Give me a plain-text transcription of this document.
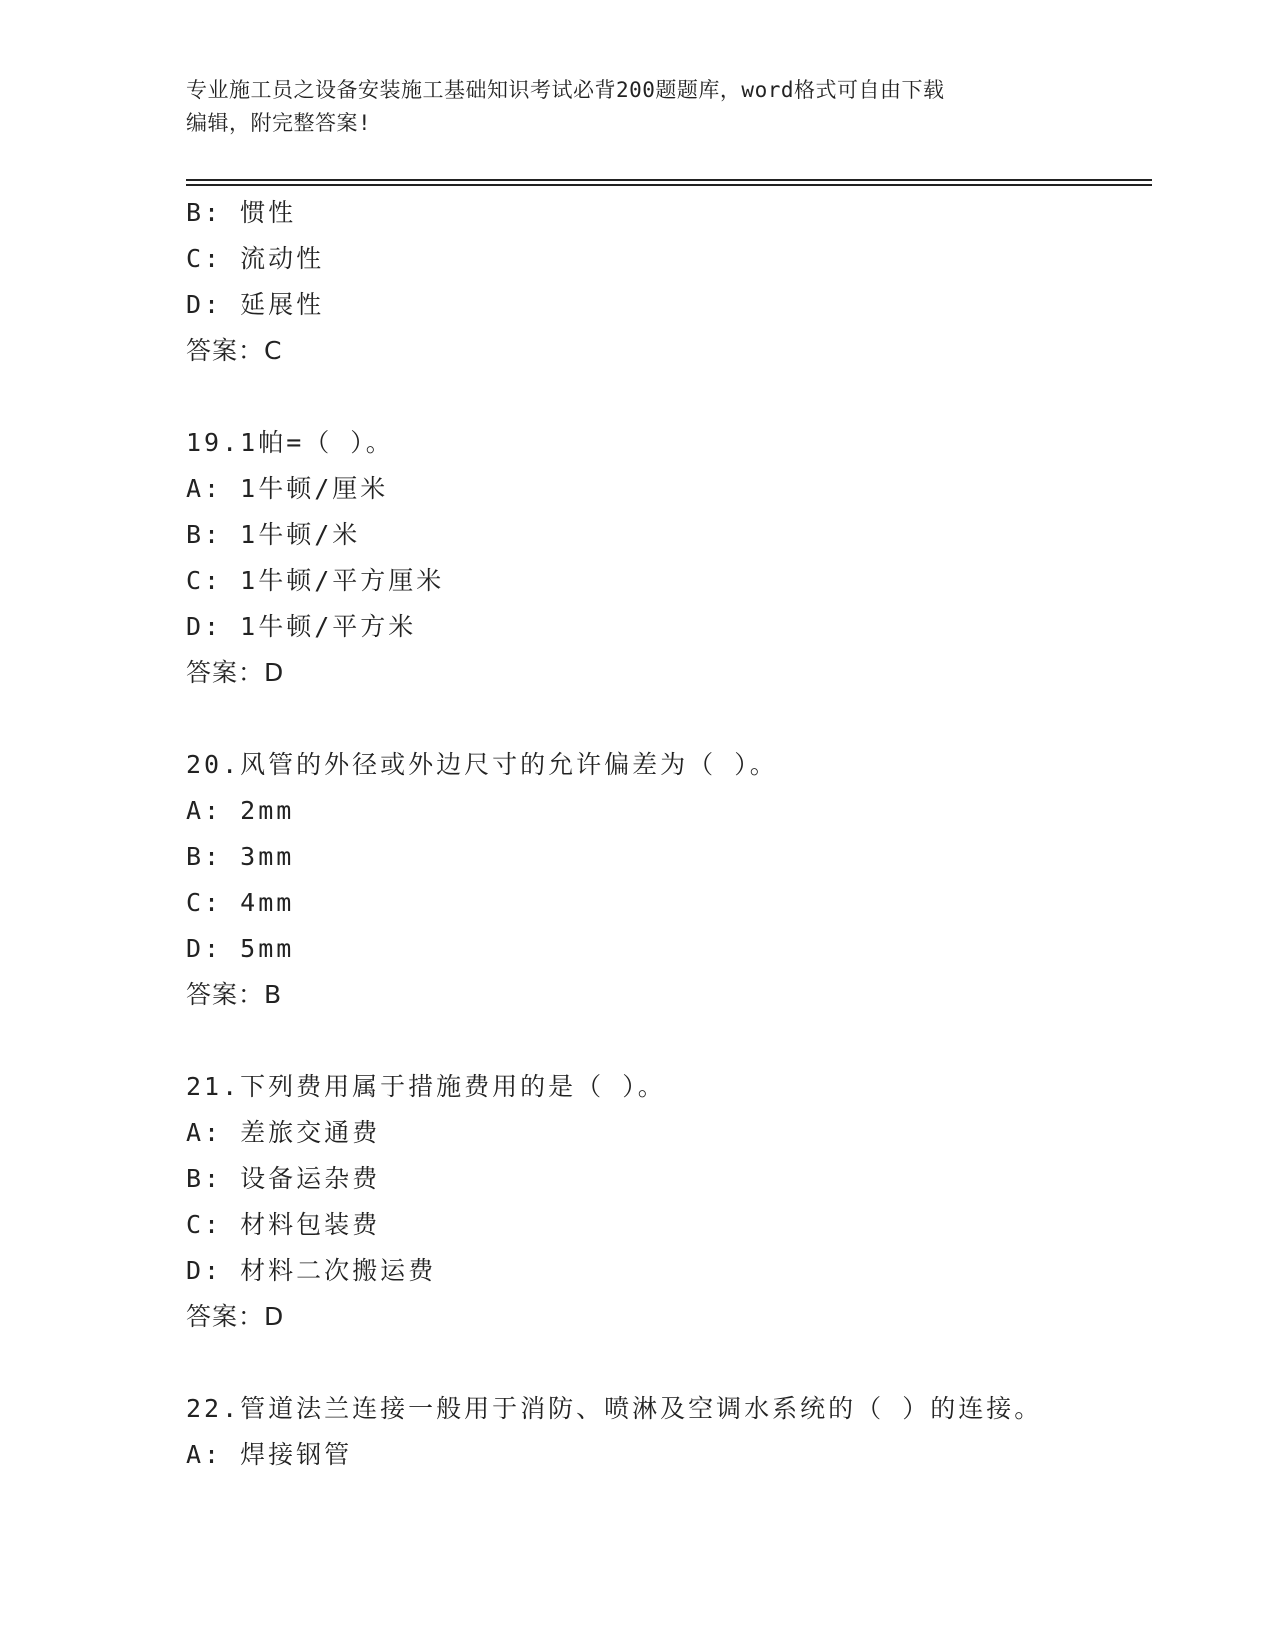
专业施工员之设备安装施工基础知识考试必背200题题库，word格式可自由下载
编辑，附完整答案!
B: 惯性
C: 流动性
D: 延展性
答案：C
19.1帕=（ ）。
A: 1牛顿/厘米
B: 1牛顿/米
C: 1牛顿/平方厘米
D: 1牛顿/平方米
答案：D
20.风管的外径或外边尺寸的允许偏差为（ ）。
A: 2mm
B: 3mm
C: 4mm
D: 5mm
答案：B
21.下列费用属于措施费用的是（ ）。
A: 差旅交通费
B: 设备运杂费
C: 材料包装费
D: 材料二次搬运费
答案：D
22.管道法兰连接一般用于消防、喷淋及空调水系统的（ ）的连接。
A: 焊接钢管
